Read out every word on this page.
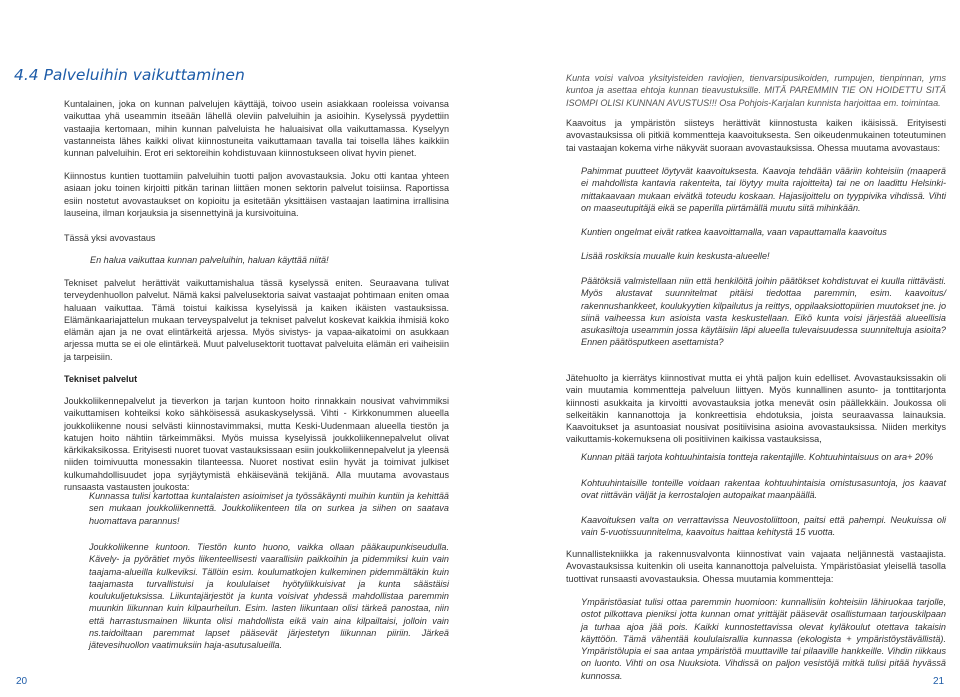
4.4 Palveluihin vaikuttaminen

Kuntalainen, joka on kunnan palvelujen käyttäjä, toivoo usein asiakkaan rooleissa voivansa vaikuttaa yhä useammin itseään lähellä oleviin palveluihin ja asioihin. Kyselyssä pyydettiin vastaajia kertomaan, mihin kunnan palveluista he haluaisivat olla vaikuttamassa. Kyselyyn vastanneista lähes kaikki olivat kiinnostuneita vaikuttamaan tavalla tai toisella lähes kaikkiin kunnan palveluihin. Erot eri sektoreihin kohdistuvaan kiinnostukseen olivat hyvin pienet.

Kiinnostus kuntien tuottamiin palveluihin tuotti paljon avovastauksia. Joku otti kantaa yhteen asiaan joku toinen kirjoitti pitkän tarinan liittäen monen sektorin palvelut toisiinsa. Raportissa esiin nostetut avovastaukset on kopioitu ja esitetään yksittäisen vastaajan laatimina irrallisina lauseina, ilman korjauksia ja sisennettyinä ja kursivoituina.

Tässä yksi avovastaus

En halua vaikuttaa kunnan palveluihin, haluan käyttää niitä!

Tekniset palvelut herättivät vaikuttamishalua tässä kyselyssä eniten. Seuraavana tulivat terveydenhuollon palvelut. Nämä kaksi palvelusektoria saivat vastaajat pohtimaan eniten omaa haluaan vaikuttaa. Tämä toistui kaikissa kyselyissä ja kaiken ikäisten vastauksissa. Elämänkaariajattelun mukaan terveyspalvelut ja tekniset palvelut koskevat kaikkia ihmisiä koko elämän ajan ja ne ovat elintärkeitä arjessa. Myös sivistys- ja vapaa-aikatoimi on asukkaan arjessa mutta se ei ole elintärkeä. Muut palvelusektorit tuottavat palveluita elämän eri vaiheisiin ja tarpeisiin.

Tekniset palvelut

Joukkoliikennepalvelut ja tieverkon ja tarjan kuntoon hoito rinnakkain nousivat vahvimmiksi vaikuttamisen kohteiksi koko sähköisessä asukaskyselyssä. Vihti - Kirkkonummen alueella joukkoliikenne nousi selvästi kiinnostavimmaksi, mutta Keski-Uudenmaan alueella tiestön ja katujen hoito nähtiin tärkeimmäksi. Myös muissa kyselyissä joukkoliikennepalvelut olivat kärkikaksikossa. Erityisesti nuoret tuovat vastauksissaan esiin joukkoliikennepalvelut ja yleensä niiden toimivuutta monessakin tilanteessa. Nuoret nostivat esiin hyvät ja toimivat julkiset kulkumahdollisuudet jopa syrjäytymistä ehkäisevänä tekijänä. Alla muutama avovastaus runsaasta vastausten joukosta:

Kunnassa tulisi kartottaa kuntalaisten asioimiset ja työssäkäynti muihin kuntiin ja kehittää sen mukaan joukkoliikennettä. Joukkoliikenteen tila on surkea ja siihen on saatava huomattava parannus!

Joukkoliikenne kuntoon. Tiestön kunto huono, vaikka ollaan pääkaupunkiseudulla. Kävely- ja pyörätiet myös liikenteellisesti vaarallisiin paikkoihin ja pidemmiksi kuin vain taajama-alueilla kulkeviksi. Tällöin esim. koulumatkojen kulkeminen pidemmältäkin kuin taajamasta turvallistuisi ja koululaiset hyötyliikkuisivat ja kunta säästäisi koulukuljetuksissa. Liikuntajärjestöt ja kunta voisivat yhdessä mahdollistaa paremmin muunkin liikunnan kuin kilpaurheilun. Esim. lasten liikuntaan olisi tärkeä panostaa, niin että harrastusmainen liikunta olisi mahdollista eikä vain aina kilpailtaisi, jolloin vain ns.taidoiltaan paremmat lapset pääsevät järjestetyn liikunnan piiriin. Järkeä jätevesihuollon vaatimuksiin haja-asutusalueilla.

Kunta voisi valvoa yksityisteiden raviojien, tienvarsipusikoiden, rumpujen, tienpinnan, yms kuntoa ja asettaa ehtoja kunnan tieavustuksille. MITÄ PAREMMIN TIE ON HOIDETTU SITÄ ISOMPI OLISI KUNNAN AVUSTUS!!! Osa Pohjois-Karjalan kunnista harjoittaa em. toimintaa.

Kaavoitus ja ympäristön siisteys herättivät kiinnostusta kaiken ikäisissä. Erityisesti avovastauksissa oli pitkiä kommentteja kaavoituksesta. Sen oikeudenmukainen toteutuminen tai vastaajan kokema virhe näkyvät suoraan avovastauksissa. Ohessa muutama avovastaus:

Pahimmat puutteet löytyvät kaavoituksesta. Kaavoja tehdään vääriin kohteisiin (maaperä ei mahdollista kantavia rakenteita, tai löytyy muita rajoitteita) tai ne on laadittu Helsinki-mittakaavaan mukaan eivätkä toteudu koskaan. Hajasijoittelu on tyyppivika vihdissä. Vihti on maaseutupitäjä eikä se paperilla piirtämällä muutu siitä mihinkään.

Kuntien ongelmat eivät ratkea kaavoittamalla, vaan vapauttamalla kaavoitus

Lisää roskiksia muualle kuin keskusta-alueelle!

Päätöksiä valmistellaan niin että henkilöitä joihin päätökset kohdistuvat ei kuulla riittävästi. Myös alustavat suunnitelmat pitäisi tiedottaa paremmin, esim. kaavoitus/ rakennushankkeet, koulukyytien kilpailutus ja reittys, oppilaaksiottopiirien muutokset jne. jo siinä vaiheessa kun asioista vasta keskustellaan. Eikö kunta voisi järjestää alueellisia asukasiltoja useammin jossa käytäisiin läpi alueella tulevaisuudessa suunniteltuja asioita? Ennen päätösputkeen asettamista?

Jätehuolto ja kierrätys kiinnostivat mutta ei yhtä paljon kuin edelliset. Avovastauksissakin oli vain muutamia kommentteja palveluun liittyen. Myös kunnallinen asunto- ja tonttitarjonta kiinnosti asukkaita ja kirvoitti avovastauksia jotka menevät osin päällekkäin. Joukossa oli selkeitäkin kannanottoja ja konkreettisia ehdotuksia, joista seuraavassa lainauksia. Kaavoitukset ja asuntoasiat nousivat positiivisina asioina avovastauksissa. Niiden merkitys vaikuttamis-kokemuksena oli positiivinen kaikissa vastauksissa,

Kunnan pitää tarjota kohtuuhintaisia tontteja rakentajille. Kohtuuhintaisuus on ara+ 20%

Kohtuuhintaisille tonteille voidaan rakentaa kohtuuhintaisia omistusasuntoja, jos kaavat ovat riittävän väljät ja kerrostalojen autopaikat maanpäällä.

Kaavoituksen valta on verrattavissa Neuvostoliittoon, paitsi että pahempi. Neukuissa oli vain 5-vuotissuunnitelma, kaavoitus haittaa kehitystä 15 vuotta.

Kunnallistekniikka ja rakennusvalvonta kiinnostivat vain vajaata neljännestä vastaajista. Avovastauksissa kuitenkin oli useita kannanottoja palveluista. Ympäristöasiat yleisellä tasolla tuottivat runsaasti avovastauksia. Ohessa muutamia kommentteja:

Ympäristöasiat tulisi ottaa paremmin huomioon: kunnallisiin kohteisiin lähiruokaa tarjolle, ostot pilkottava pieniksi jotta kunnan omat yrittäjät pääsevät osallistumaan tarjouskilpaan ja turhaa ajoa jää pois. Kaikki kunnostettavissa olevat kyläkoulut otettava takaisin käyttöön. Tämä vähentää koululaisrallia kunnassa (ekologista + ympäristöystävällistä). Ympäristölupia ei saa antaa ympäristöä muuttaville tai pilaaville hankkeille. Vihdin riikkaus on luonto. Vihti on osa Nuuksiota. Vihdissä on paljon vesistöjä mitkä tulisi pitää hyvässä kunnossa.

20	21
